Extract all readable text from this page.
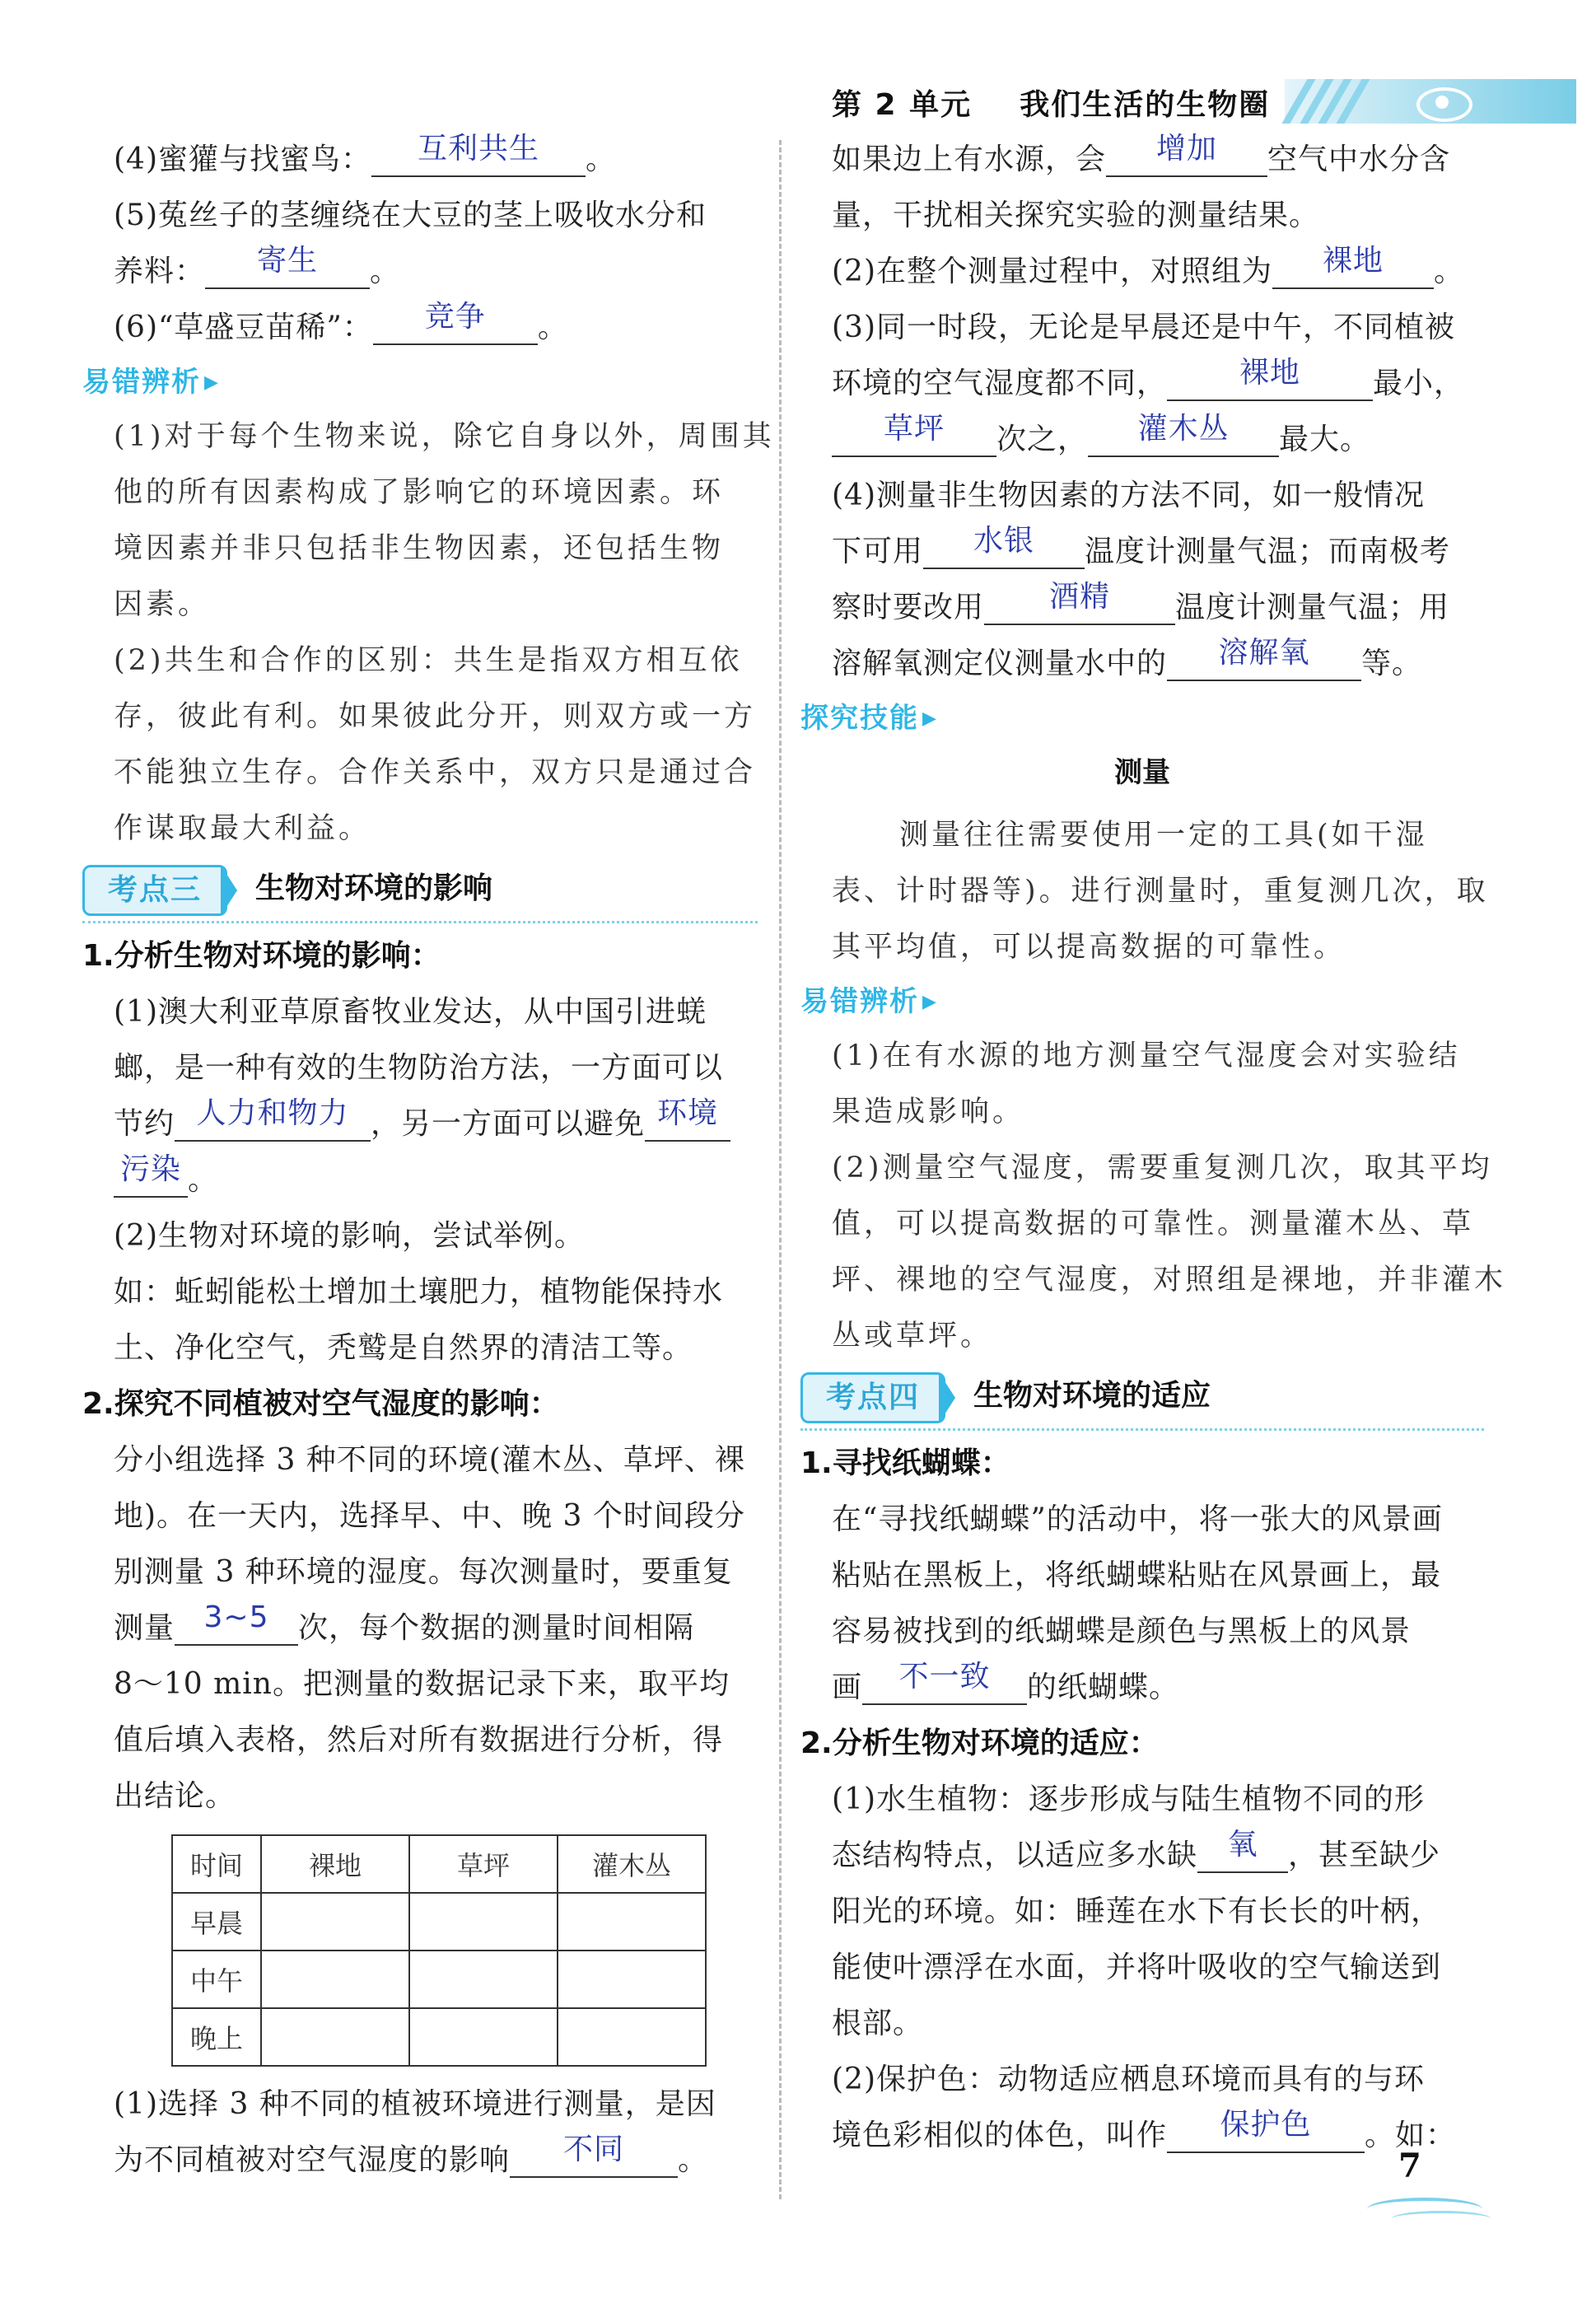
第 2 单元    我们生活的生物圈
(4)蜜獾与找蜜鸟：	互利共生	。
(5)菟丝子的茎缠绕在大豆的茎上吸收水分和
养料：	寄生	。
(6)“草盛豆苗稀”：	竞争	。
易错辨析 ▶
(1)对于每个生物来说，除它自身以外，周围其
他的所有因素构成了影响它的环境因素。环
境因素并非只包括非生物因素，还包括生物
因素。
(2)共生和合作的区别：共生是指双方相互依
存，彼此有利。如果彼此分开，则双方或一方
不能独立生存。合作关系中，双方只是通过合
作谋取最大利益。
考点三	生物对环境的影响
1.分析生物对环境的影响：
(1)澳大利亚草原畜牧业发达，从中国引进蜣
螂，是一种有效的生物防治方法，一方面可以
节约 人力和物力 ，另一方面可以避免 环境
污染 。
(2)生物对环境的影响，尝试举例。
如：蚯蚓能松土增加土壤肥力，植物能保持水
土、净化空气，秃鹫是自然界的清洁工等。
2.探究不同植被对空气湿度的影响：
分小组选择 3 种不同的环境(灌木丛、草坪、裸
地)。在一天内，选择早、中、晚 3 个时间段分
别测量 3 种环境的湿度。每次测量时，要重复
测量 3~5 次，每个数据的测量时间相隔
8～10 min。把测量的数据记录下来，取平均
值后填入表格，然后对所有数据进行分析，得
出结论。
时间	裸地	草坪	灌木丛
早晨			
中午			
晚上			
(1)选择 3 种不同的植被环境进行测量，是因
为不同植被对空气湿度的影响	不同	。
如果边上有水源，会	增加	空气中水分含
量，干扰相关探究实验的测量结果。
(2)在整个测量过程中，对照组为	裸地	。
(3)同一时段，无论是早晨还是中午，不同植被
环境的空气湿度都不同，	裸地	最小，
草坪	次之，	灌木丛	最大。
(4)测量非生物因素的方法不同，如一般情况
下可用	水银	温度计测量气温；而南极考
察时要改用	酒精	温度计测量气温；用
溶解氧测定仪测量水中的	溶解氧	等。
探究技能 ▶
测量
测量往往需要使用一定的工具(如干湿
表、计时器等)。进行测量时，重复测几次，取
其平均值，可以提高数据的可靠性。
易错辨析 ▶
(1)在有水源的地方测量空气湿度会对实验结
果造成影响。
(2)测量空气湿度，需要重复测几次，取其平均
值，可以提高数据的可靠性。测量灌木丛、草
坪、裸地的空气湿度，对照组是裸地，并非灌木
丛或草坪。
考点四	生物对环境的适应
1.寻找纸蝴蝶：
在“寻找纸蝴蝶”的活动中，将一张大的风景画
粘贴在黑板上，将纸蝴蝶粘贴在风景画上，最
容易被找到的纸蝴蝶是颜色与黑板上的风景
画	不一致	的纸蝴蝶。
2.分析生物对环境的适应：
(1)水生植物：逐步形成与陆生植物不同的形
态结构特点，以适应多水缺	氧	，甚至缺少
阳光的环境。如：睡莲在水下有长长的叶柄，
能使叶漂浮在水面，并将叶吸收的空气输送到
根部。
(2)保护色：动物适应栖息环境而具有的与环
境色彩相似的体色，叫作	保护色	。如：
7
